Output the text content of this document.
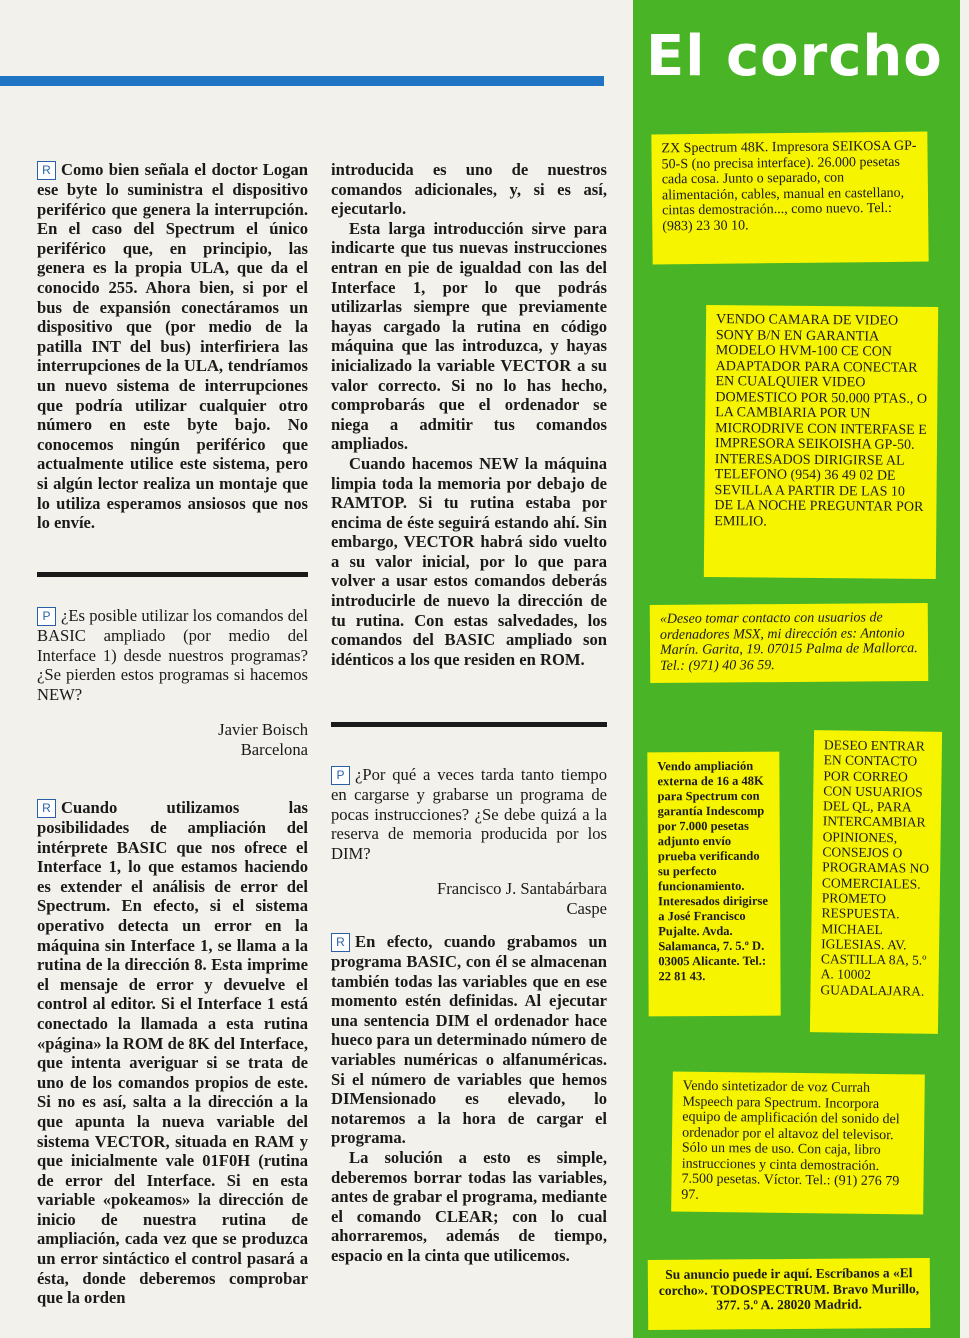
R Como bien señala el doctor Logan ese byte lo suministra el dispositivo periférico que genera la interrupción. En el caso del Spectrum el único periférico que, en principio, las genera es la propia ULA, que da el conocido 255. Ahora bien, si por el bus de expansión conectáramos un dispositivo que (por medio de la patilla INT del bus) interfiriera las interrupciones de la ULA, tendríamos un nuevo sistema de interrupciones que podría utilizar cualquier otro número en este byte bajo. No conocemos ningún periférico que actualmente utilice este sistema, pero si algún lector realiza un montaje que lo utiliza esperamos ansiosos que nos lo envíe.

P ¿Es posible utilizar los comandos del BASIC ampliado (por medio del Interface 1) desde nuestros programas? ¿Se pierden estos programas si hacemos NEW?

Javier Boisch

Barcelona

R Cuando utilizamos las posibilidades de ampliación del intérprete BASIC que nos ofrece el Interface 1, lo que estamos haciendo es extender el análisis de error del Spectrum. En efecto, si el sistema operativo detecta un error en la máquina sin Interface 1, se llama a la rutina de la dirección 8. Esta imprime el mensaje de error y devuelve el control al editor. Si el Interface 1 está conectado la llamada a esta rutina «página» la ROM de 8K del Interface, que intenta averiguar si se trata de uno de los comandos propios de este. Si no es así, salta a la dirección a la que apunta la nueva variable del sistema VECTOR, situada en RAM y que inicialmente vale 01F0H (rutina de error del Interface. Si en esta variable «pokeamos» la dirección de inicio de nuestra rutina de ampliación, cada vez que se produzca un error sintáctico el control pasará a ésta, donde deberemos comprobar que la orden

introducida es uno de nuestros comandos adicionales, y, si es así, ejecutarlo.

Esta larga introducción sirve para indicarte que tus nuevas instrucciones entran en pie de igualdad con las del Interface 1, por lo que podrás utilizarlas siempre que previamente hayas cargado la rutina en código máquina que las introduzca, y hayas inicializado la variable VECTOR a su valor correcto. Si no lo has hecho, comprobarás que el ordenador se niega a admitir tus comandos ampliados.

Cuando hacemos NEW la máquina limpia toda la memoria por debajo de RAMTOP. Si tu rutina estaba por encima de éste seguirá estando ahí. Sin embargo, VECTOR habrá sido vuelto a su valor inicial, por lo que para volver a usar estos comandos deberás introducirle de nuevo la dirección de tu rutina. Con estas salvedades, los comandos del BASIC ampliado son idénticos a los que residen en ROM.

P ¿Por qué a veces tarda tanto tiempo en cargarse y grabarse un programa de pocas instrucciones? ¿Se debe quizá a la reserva de memoria producida por los DIM?

Francisco J. Santabárbara

Caspe

R En efecto, cuando grabamos un programa BASIC, con él se almacenan también todas las variables que en ese momento estén definidas. Al ejecutar una sentencia DIM el ordenador hace hueco para un determinado número de variables numéricas o alfanuméricas. Si el número de variables que hemos DIMensionado es elevado, lo notaremos a la hora de cargar el programa.

La solución a esto es simple, deberemos borrar todas las variables, antes de grabar el programa, mediante el comando CLEAR; con lo cual ahorraremos, además de tiempo, espacio en la cinta que utilicemos.

El corcho
ZX Spectrum 48K. Impresora SEIKOSA GP-50-S (no precisa interface). 26.000 pesetas cada cosa. Junto o separado, con alimentación, cables, manual en castellano, cintas demostración..., como nuevo. Tel.: (983) 23 30 10.
VENDO CAMARA DE VIDEO SONY B/N EN GARANTIA MODELO HVM-100 CE CON ADAPTADOR PARA CONECTAR EN CUALQUIER VIDEO DOMESTICO POR 50.000 PTAS., O LA CAMBIARIA POR UN MICRODRIVE CON INTERFASE E IMPRESORA SEIKOISHA GP-50. INTERESADOS DIRIGIRSE AL TELEFONO (954) 36 49 02 DE SEVILLA A PARTIR DE LAS 10 DE LA NOCHE PREGUNTAR POR EMILIO.
«Deseo tomar contacto con usuarios de ordenadores MSX, mi dirección es: Antonio Marín. Garita, 19. 07015 Palma de Mallorca. Tel.: (971) 40 36 59.
Vendo ampliación externa de 16 a 48K para Spectrum con garantía Indescomp por 7.000 pesetas adjunto envío prueba verificando su perfecto funcionamiento. Interesados dirigirse a José Francisco Pujalte. Avda. Salamanca, 7. 5.º D. 03005 Alicante. Tel.: 22 81 43.
DESEO ENTRAR EN CONTACTO POR CORREO CON USUARIOS DEL QL, PARA INTERCAMBIAR OPINIONES, CONSEJOS O PROGRAMAS NO COMERCIALES. PROMETO RESPUESTA. MICHAEL IGLESIAS. AV. CASTILLA 8A, 5.º A. 10002 GUADALAJARA.
Vendo sintetizador de voz Currah Mspeech para Spectrum. Incorpora equipo de amplificación del sonido del ordenador por el altavoz del televisor. Sólo un mes de uso. Con caja, libro instrucciones y cinta demostración. 7.500 pesetas. Víctor. Tel.: (91) 276 79 97.
Su anuncio puede ir aquí. Escríbanos a «El corcho». TODOSPECTRUM. Bravo Murillo, 377. 5.º A. 28020 Madrid.
